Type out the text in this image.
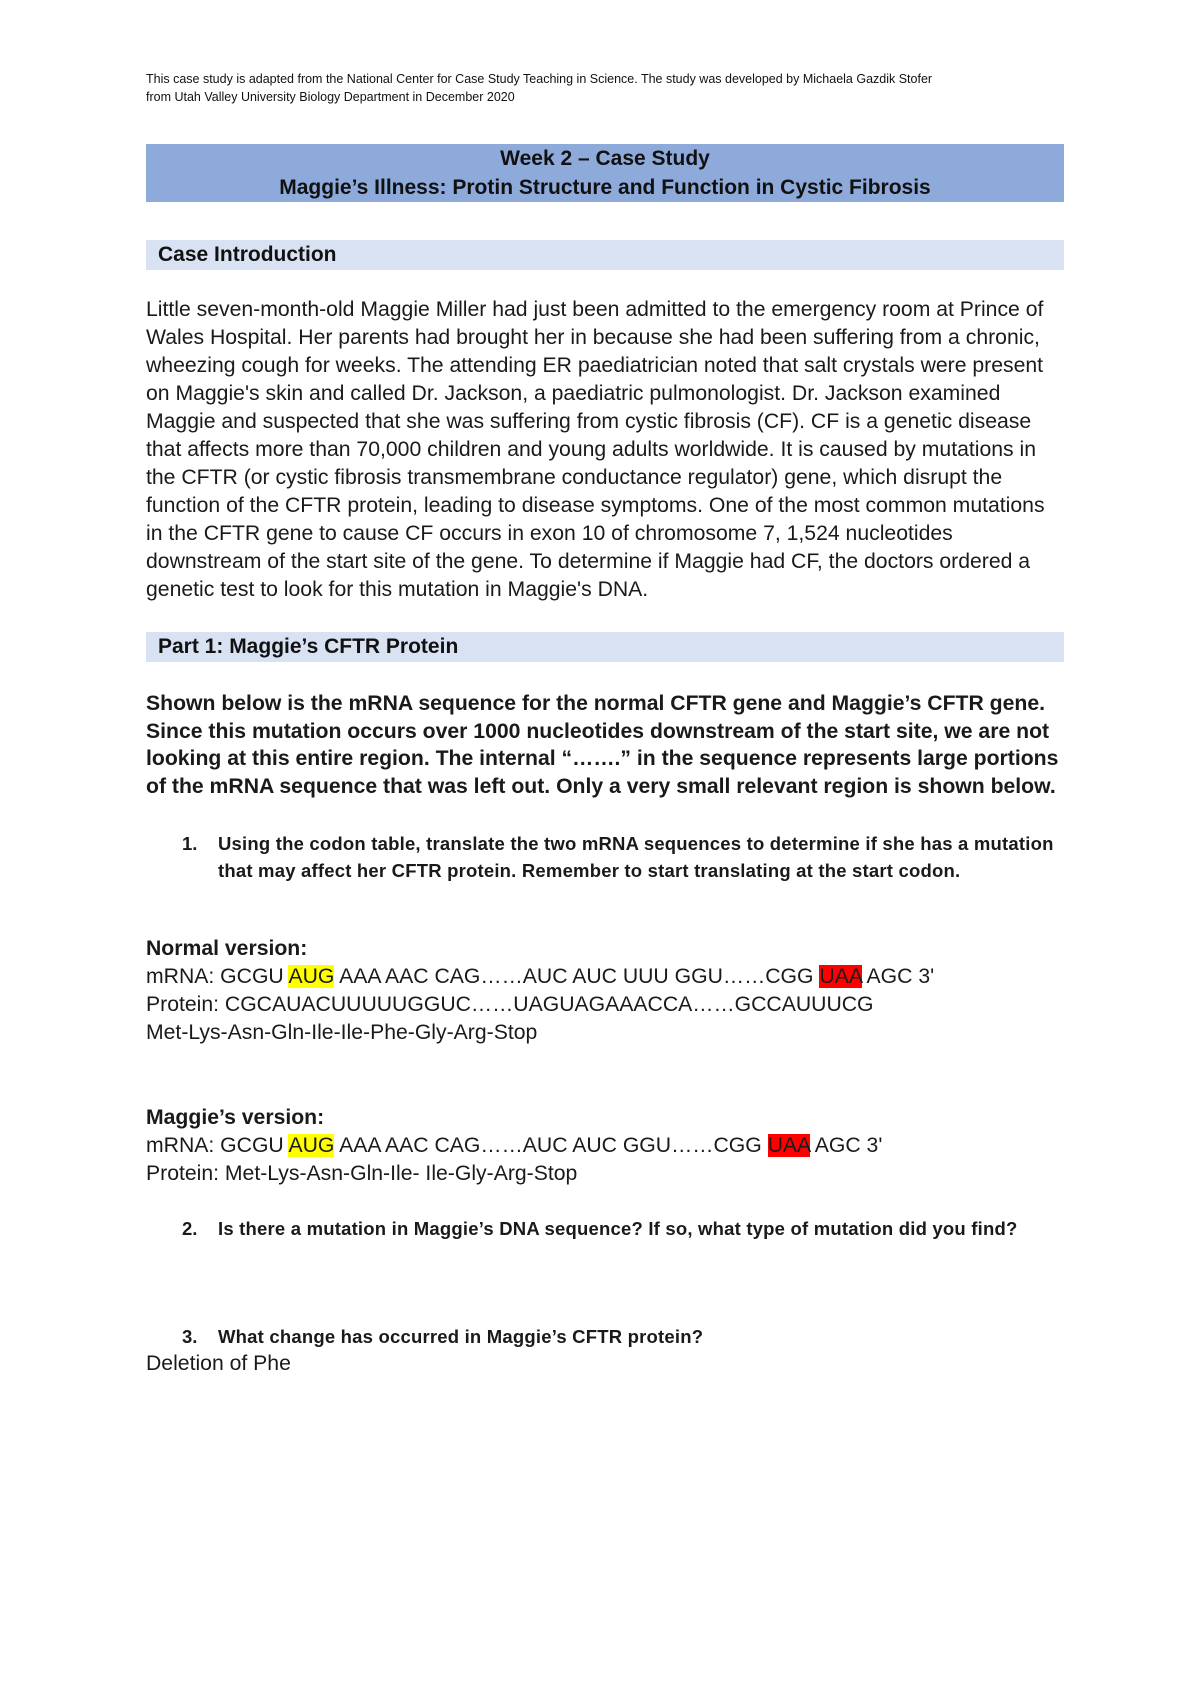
This case study is adapted from the National Center for Case Study Teaching in Science. The study was developed by Michaela Gazdik Stofer
from Utah Valley University Biology Department in December 2020
Week 2 – Case Study
Maggie’s Illness: Protin Structure and Function in Cystic Fibrosis
Case Introduction

Little seven-month-old Maggie Miller had just been admitted to the emergency room at Prince of Wales Hospital. Her parents had brought her in because she had been suffering from a chronic, wheezing cough for weeks. The attending ER paediatrician noted that salt crystals were present on Maggie's skin and called Dr. Jackson, a paediatric pulmonologist. Dr. Jackson examined Maggie and suspected that she was suffering from cystic fibrosis (CF). CF is a genetic disease that affects more than 70,000 children and young adults worldwide. It is caused by mutations in the CFTR (or cystic fibrosis transmembrane conductance regulator) gene, which disrupt the function of the CFTR protein, leading to disease symptoms. One of the most common mutations in the CFTR gene to cause CF occurs in exon 10 of chromosome 7, 1,524 nucleotides downstream of the start site of the gene. To determine if Maggie had CF, the doctors ordered a genetic test to look for this mutation in Maggie's DNA.

Part 1: Maggie’s CFTR Protein

Shown below is the mRNA sequence for the normal CFTR gene and Maggie’s CFTR gene. Since this mutation occurs over 1000 nucleotides downstream of the start site, we are not looking at this entire region. The internal “…….” in the sequence represents large portions of the mRNA sequence that was left out. Only a very small relevant region is shown below.

1. Using the codon table, translate the two mRNA sequences to determine if she has a mutation that may affect her CFTR protein. Remember to start translating at the start codon.
Normal version:
mRNA: GCGU AUG AAA AAC CAG……AUC AUC UUU GGU……CGG UAA AGC 3'
Protein: CGCAUACUUUUUGGUC……UAGUAGAAACCA……GCCAUUUCG
Met-Lys-Asn-Gln-Ile-Ile-Phe-Gly-Arg-Stop
Maggie’s version:
mRNA: GCGU AUG AAA AAC CAG……AUC AUC GGU……CGG UAA AGC 3'
Protein: Met-Lys-Asn-Gln-Ile- Ile-Gly-Arg-Stop
2. Is there a mutation in Maggie’s DNA sequence? If so, what type of mutation did you find?
3. What change has occurred in Maggie’s CFTR protein?
Deletion of Phe
